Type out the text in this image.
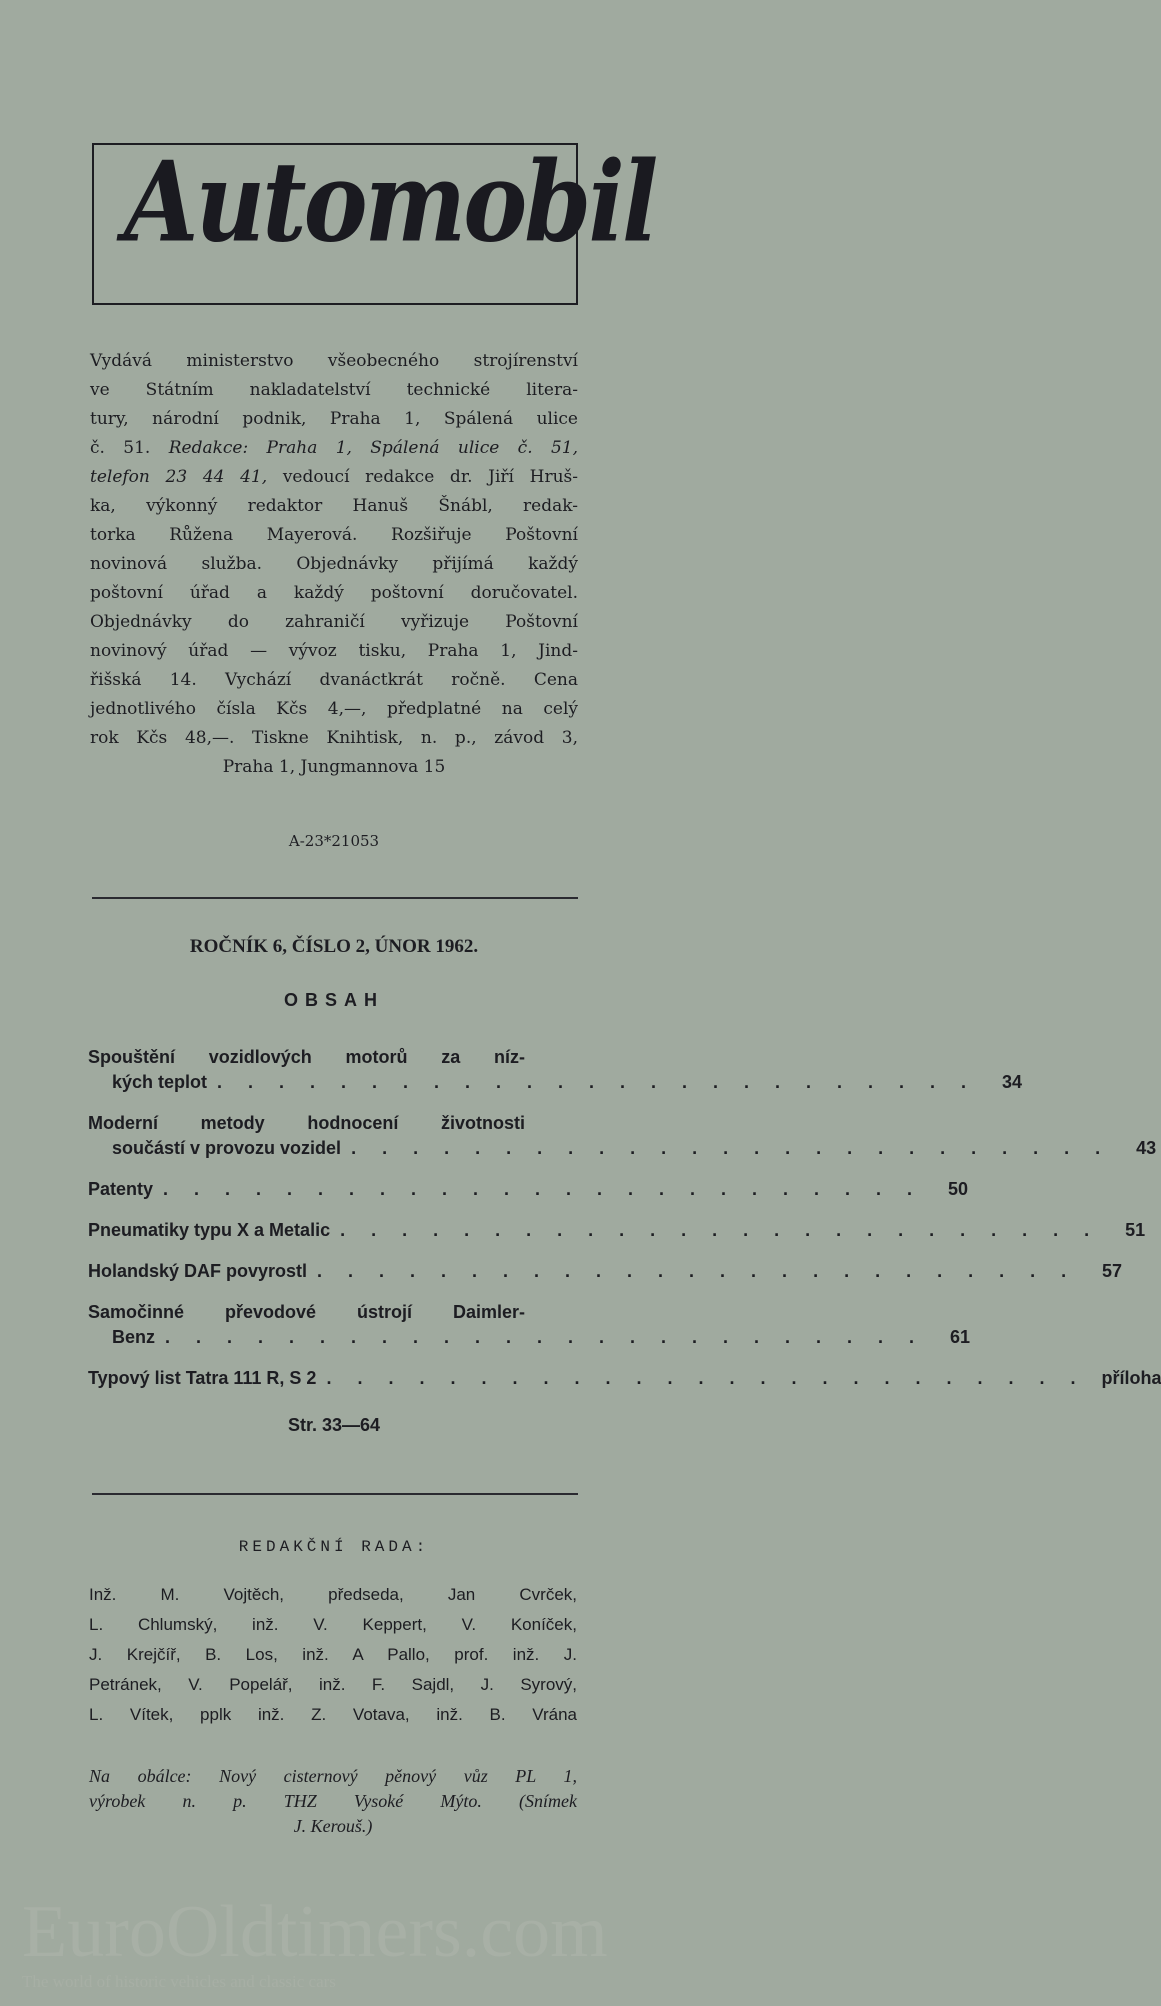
Automobil
Vydává ministerstvo všeobecného strojírenství
ve Státním nakladatelství technické litera-
tury, národní podnik, Praha 1, Spálená ulice
č. 51. Redakce: Praha 1, Spálená ulice č. 51,
telefon 23 44 41, vedoucí redakce dr. Jiří Hruš-
ka, výkonný redaktor Hanuš Šnábl, redak-
torka Růžena Mayerová. Rozšiřuje Poštovní
novinová služba. Objednávky přijímá každý
poštovní úřad a každý poštovní doručovatel.
Objednávky do zahraničí vyřizuje Poštovní
novinový úřad — vývoz tisku, Praha 1, Jind-
řišská 14. Vychází dvanáctkrát ročně. Cena
jednotlivého čísla Kčs 4,—, předplatné na celý
rok Kčs 48,—. Tiskne Knihtisk, n. p., závod 3,
Praha 1, Jungmannova 15
A-23*21053
ROČNÍK 6, ČÍSLO 2, ÚNOR 1962.
OBSAH
Spouštění vozidlových motorů za níz-
kých teplot ......................... 34
Moderní metody hodnocení životnosti
součástí v provozu vozidel ......................... 43
Patenty ......................... 50
Pneumatiky typu X a Metalic ......................... 51
Holandský DAF povyrostl ......................... 57
Samočinné převodové ústrojí Daimler-
Benz ......................... 61
Typový list Tatra 111 R, S 2 ......................... příloha
Str. 33—64
REDAKČNÍ RADA:
Inž. M. Vojtěch, předseda, Jan Cvrček,
L. Chlumský, inž. V. Keppert, V. Koníček,
J. Krejčíř, B. Los, inž. A Pallo, prof. inž. J.
Petránek, V. Popelář, inž. F. Sajdl, J. Syrový,
L. Vítek, pplk inž. Z. Votava, inž. B. Vrána
Na obálce: Nový cisternový pěnový vůz PL 1,
výrobek n. p. THZ Vysoké Mýto. (Snímek
J. Kerouš.)
EuroOldtimers.com
The world of historic vehicles and classic cars
